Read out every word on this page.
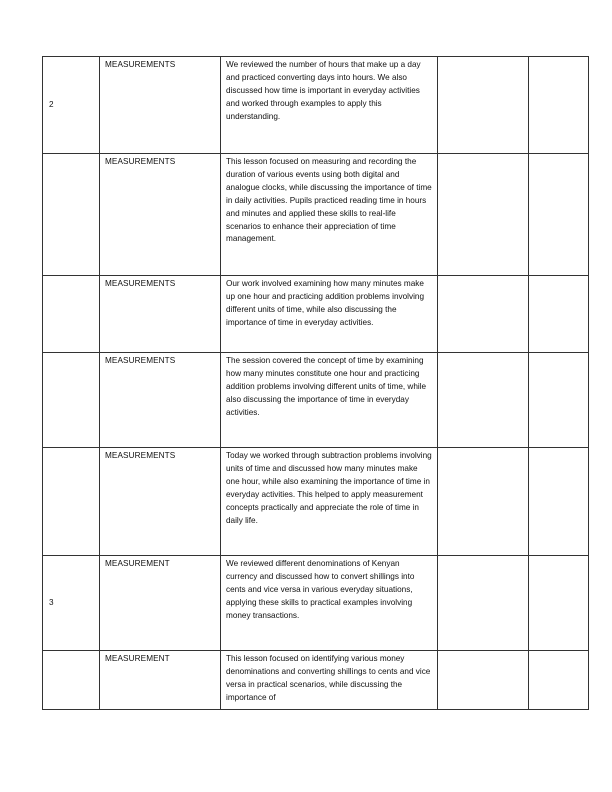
2	MEASUREMENTS	We reviewed the number of hours that make up a day and practiced converting days into hours. We also discussed how time is important in everyday activities and worked through examples to apply this understanding.		

	MEASUREMENTS	This lesson focused on measuring and recording the duration of various events using both digital and analogue clocks, while discussing the importance of time in daily activities. Pupils practiced reading time in hours and minutes and applied these skills to real-life scenarios to enhance their appreciation of time management.		

	MEASUREMENTS	Our work involved examining how many minutes make up one hour and practicing addition problems involving different units of time, while also discussing the importance of time in everyday activities.		

	MEASUREMENTS	The session covered the concept of time by examining how many minutes constitute one hour and practicing addition problems involving different units of time, while also discussing the importance of time in everyday activities.		

	MEASUREMENTS	Today we worked through subtraction problems involving units of time and discussed how many minutes make one hour, while also examining the importance of time in everyday activities. This helped to apply measurement concepts practically and appreciate the role of time in daily life.		

3	MEASUREMENT	We reviewed different denominations of Kenyan currency and discussed how to convert shillings into cents and vice versa in various everyday situations, applying these skills to practical examples involving money transactions.		

	MEASUREMENT	This lesson focused on identifying various money denominations and converting shillings to cents and vice versa in practical scenarios, while discussing the importance of		
